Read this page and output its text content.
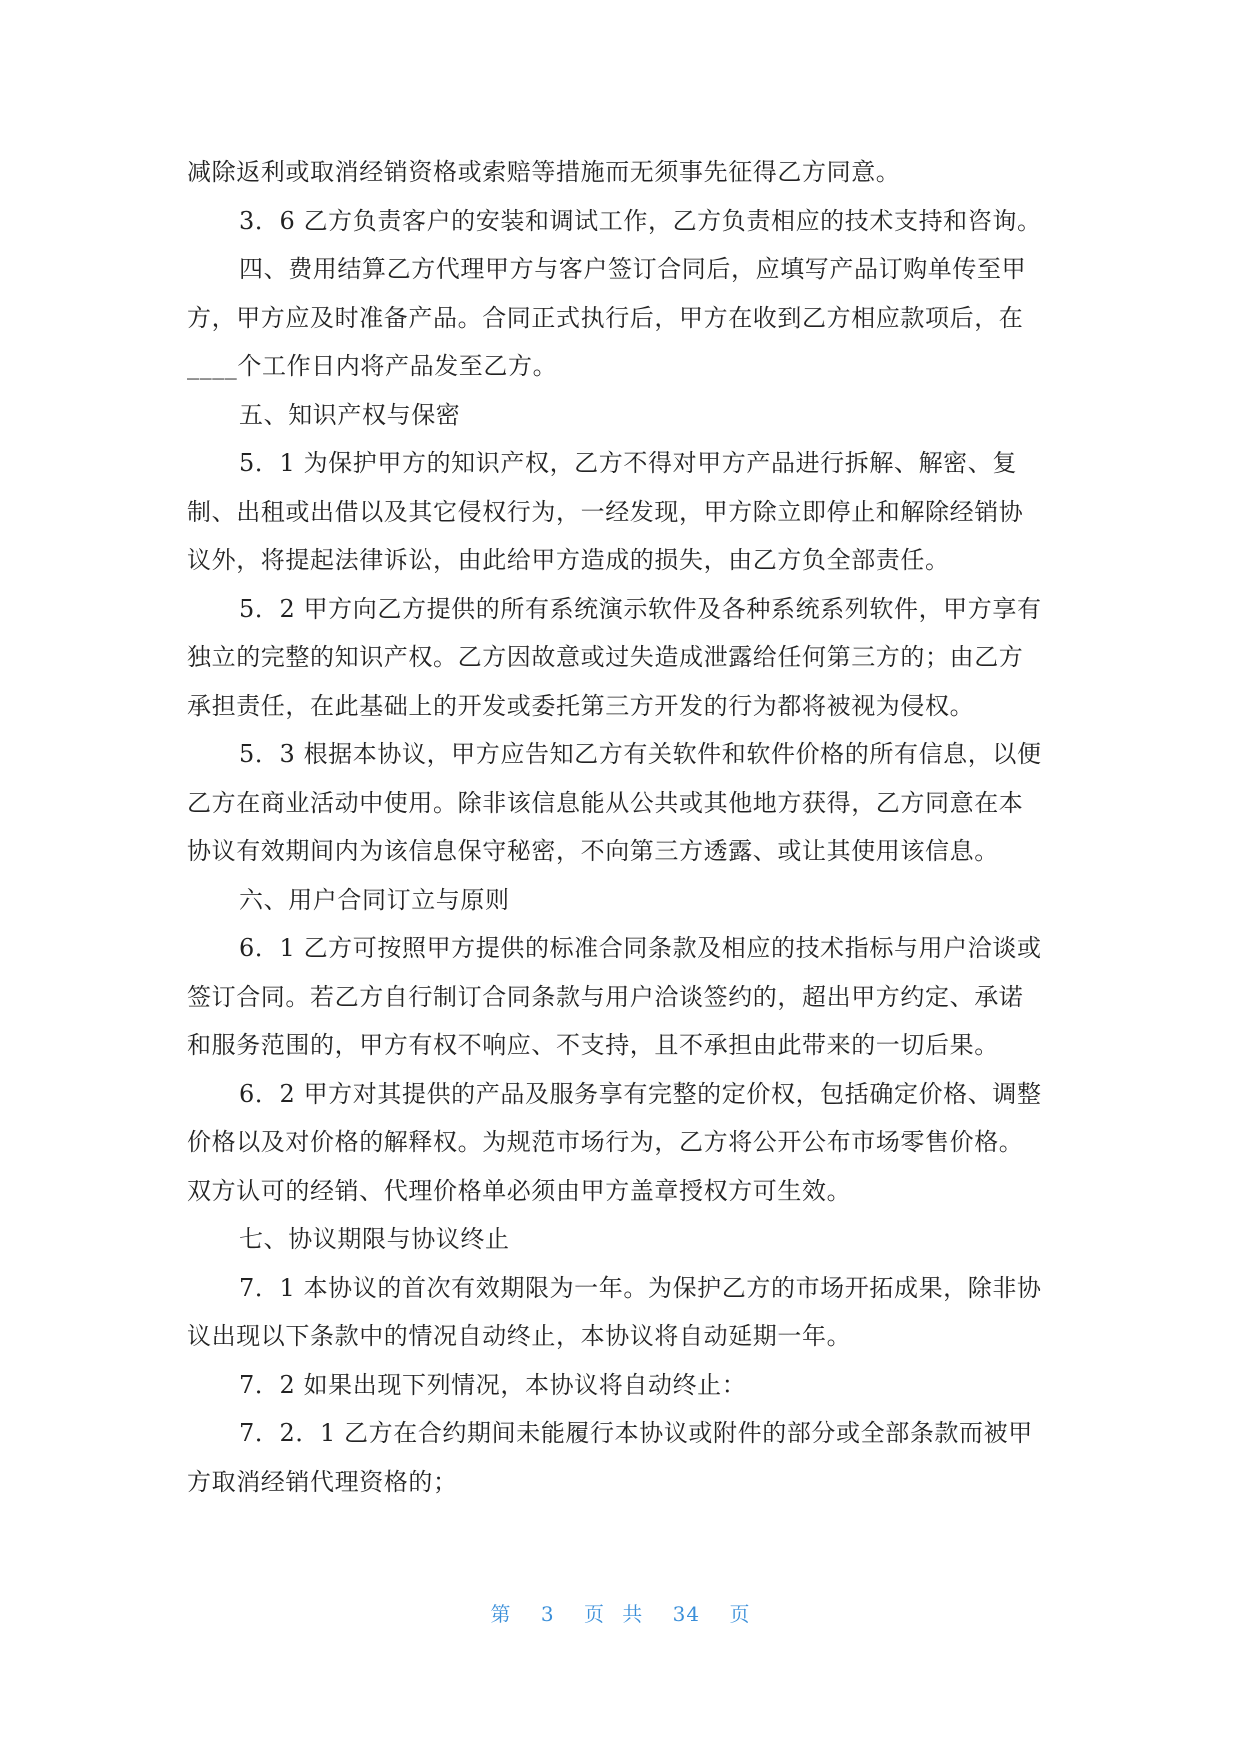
减除返利或取消经销资格或索赔等措施而无须事先征得乙方同意。
3．6 乙方负责客户的安装和调试工作，乙方负责相应的技术支持和咨询。
四、费用结算乙方代理甲方与客户签订合同后，应填写产品订购单传至甲
方，甲方应及时准备产品。合同正式执行后，甲方在收到乙方相应款项后，在
____个工作日内将产品发至乙方。
五、知识产权与保密
5．1 为保护甲方的知识产权，乙方不得对甲方产品进行拆解、解密、复
制、出租或出借以及其它侵权行为，一经发现，甲方除立即停止和解除经销协
议外，将提起法律诉讼，由此给甲方造成的损失，由乙方负全部责任。
5．2 甲方向乙方提供的所有系统演示软件及各种系统系列软件，甲方享有
独立的完整的知识产权。乙方因故意或过失造成泄露给任何第三方的；由乙方
承担责任，在此基础上的开发或委托第三方开发的行为都将被视为侵权。
5．3 根据本协议，甲方应告知乙方有关软件和软件价格的所有信息，以便
乙方在商业活动中使用。除非该信息能从公共或其他地方获得，乙方同意在本
协议有效期间内为该信息保守秘密，不向第三方透露、或让其使用该信息。
六、用户合同订立与原则
6．1 乙方可按照甲方提供的标准合同条款及相应的技术指标与用户洽谈或
签订合同。若乙方自行制订合同条款与用户洽谈签约的，超出甲方约定、承诺
和服务范围的，甲方有权不响应、不支持，且不承担由此带来的一切后果。
6．2 甲方对其提供的产品及服务享有完整的定价权，包括确定价格、调整
价格以及对价格的解释权。为规范市场行为，乙方将公开公布市场零售价格。
双方认可的经销、代理价格单必须由甲方盖章授权方可生效。
七、协议期限与协议终止
7．1 本协议的首次有效期限为一年。为保护乙方的市场开拓成果，除非协
议出现以下条款中的情况自动终止，本协议将自动延期一年。
7．2 如果出现下列情况，本协议将自动终止：
7．2．1 乙方在合约期间未能履行本协议或附件的部分或全部条款而被甲
方取消经销代理资格的；
第 3 页 共 34 页
